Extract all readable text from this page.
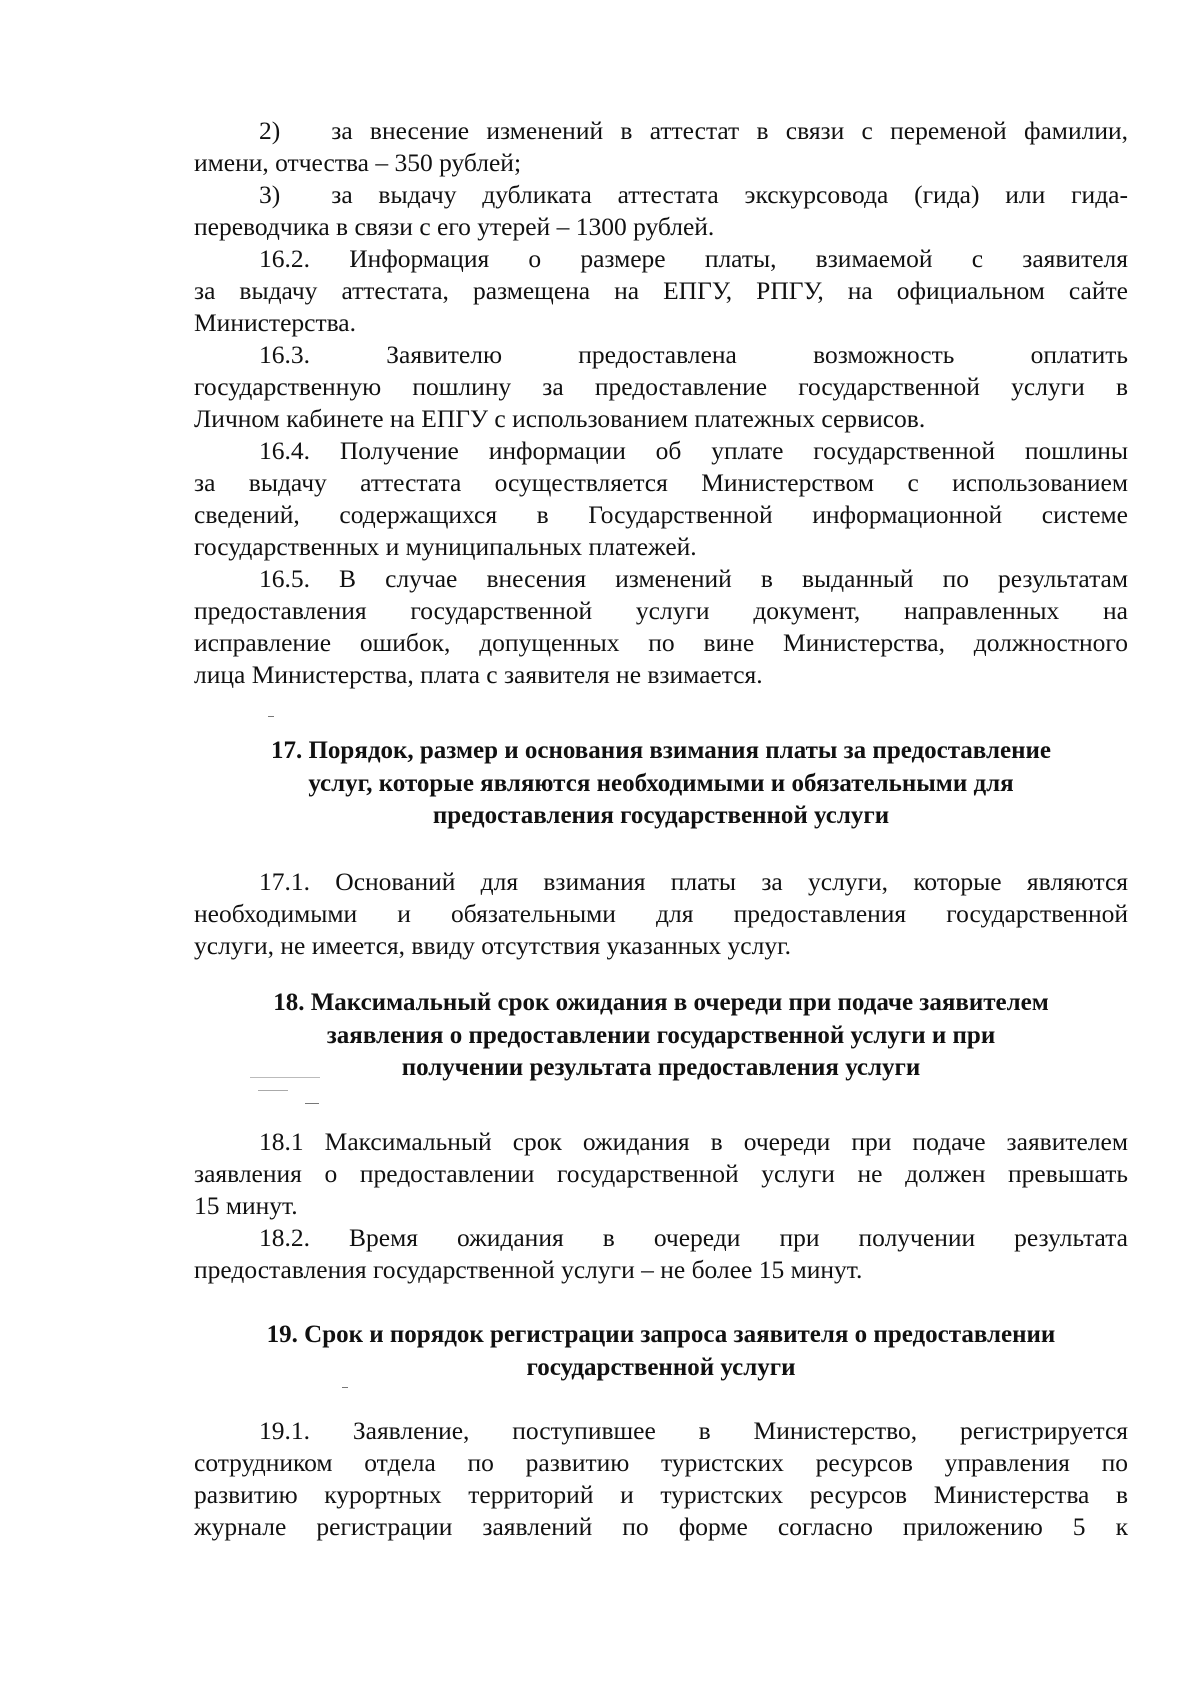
2)  за внесение изменений в аттестат в связи с переменой фамилии,
имени, отчества – 350 рублей;
3)  за выдачу дубликата аттестата экскурсовода (гида) или гида-
переводчика в связи с его утерей – 1300 рублей.
16.2. Информация о размере платы, взимаемой с заявителя
за выдачу аттестата, размещена на ЕПГУ, РПГУ, на официальном сайте
Министерства.
16.3. Заявителю предоставлена возможность оплатить
государственную пошлину за предоставление государственной услуги в
Личном кабинете на ЕПГУ с использованием платежных сервисов.
16.4. Получение информации об уплате государственной пошлины
за выдачу аттестата осуществляется Министерством с использованием
сведений, содержащихся в Государственной информационной системе
государственных и муниципальных платежей.
16.5. В случае внесения изменений в выданный по результатам
предоставления государственной услуги документ, направленных на
исправление ошибок, допущенных по вине Министерства, должностного
лица Министерства, плата с заявителя не взимается.
17. Порядок, размер и основания взимания платы за предоставление
услуг, которые являются необходимыми и обязательными для
предоставления государственной услуги
17.1. Оснований для взимания платы за услуги, которые являются
необходимыми и обязательными для предоставления государственной
услуги, не имеется, ввиду отсутствия указанных услуг.
18. Максимальный срок ожидания в очереди при подаче заявителем
заявления о предоставлении государственной услуги и при
получении результата предоставления услуги
18.1 Максимальный срок ожидания в очереди при подаче заявителем
заявления о предоставлении государственной услуги не должен превышать
15 минут.
18.2. Время ожидания в очереди при получении результата
предоставления государственной услуги – не более 15 минут.
19. Срок и порядок регистрации запроса заявителя о предоставлении
государственной услуги
19.1. Заявление, поступившее в Министерство, регистрируется
сотрудником отдела по развитию туристских ресурсов управления по
развитию курортных территорий и туристских ресурсов Министерства в
журнале регистрации заявлений по форме согласно приложению 5 к
